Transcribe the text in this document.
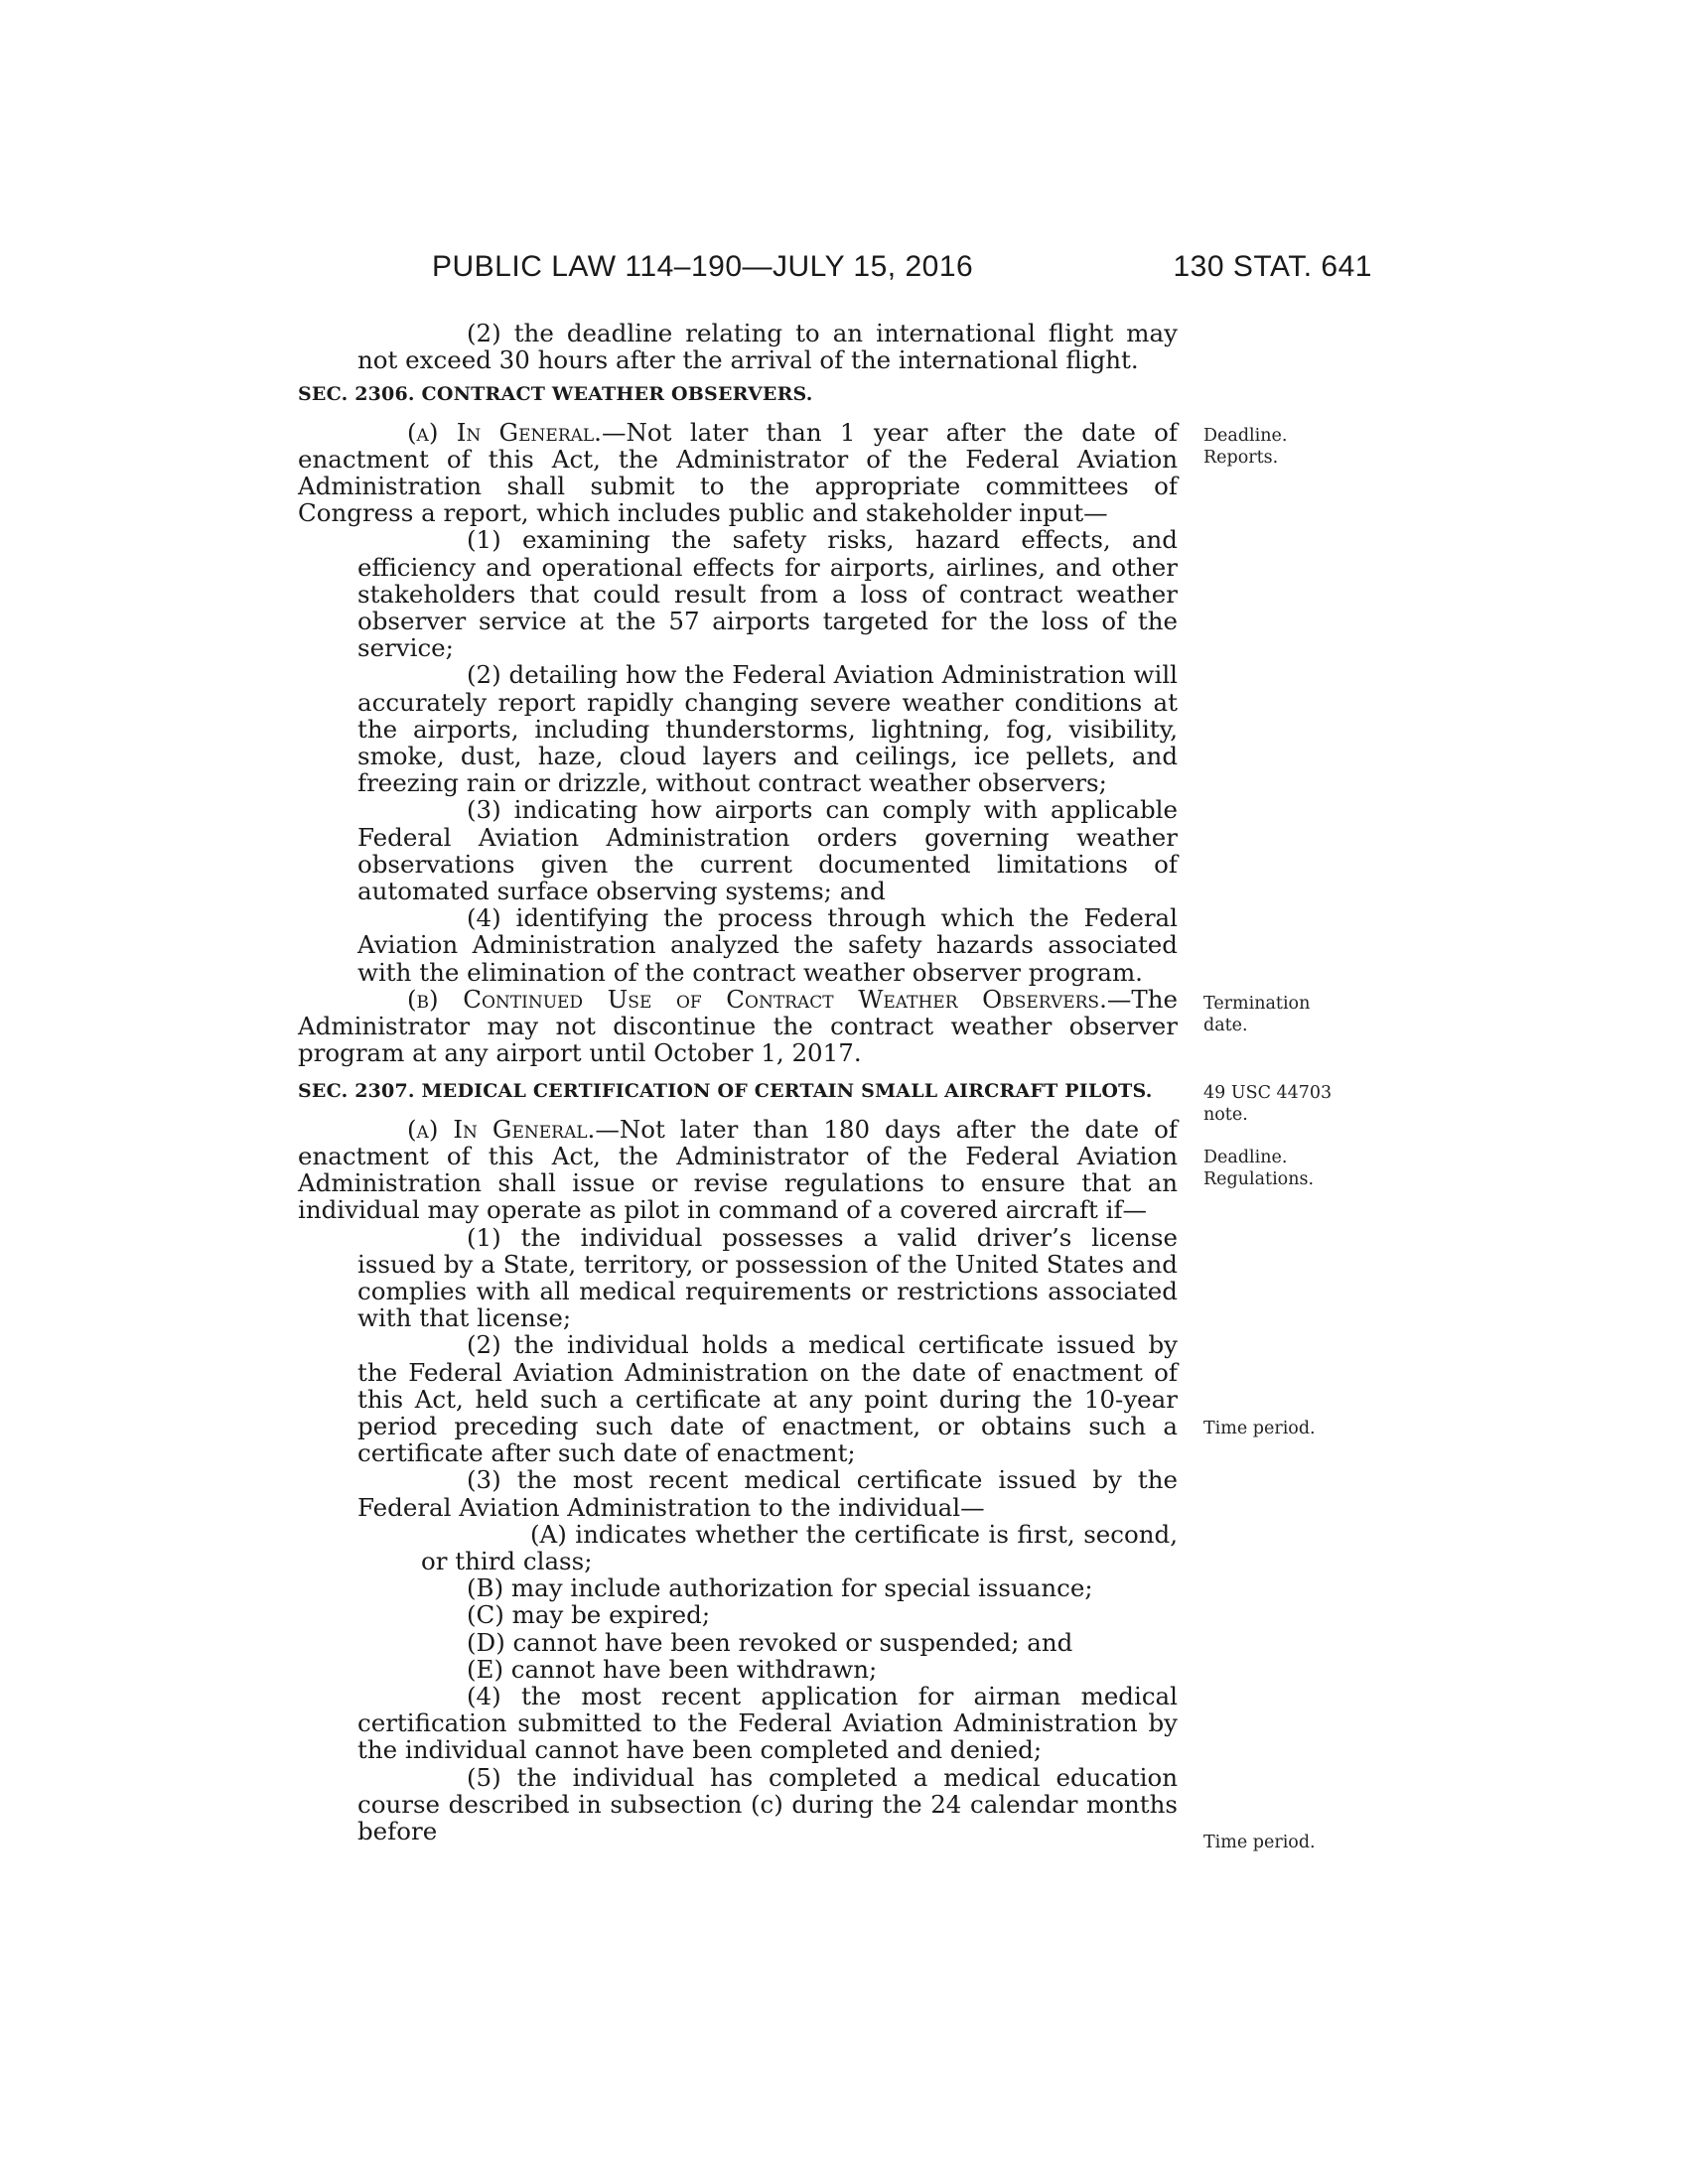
PUBLIC LAW 114–190—JULY 15, 2016	130 STAT. 641

(2) the deadline relating to an international flight may not exceed 30 hours after the arrival of the international flight.

SEC. 2306. CONTRACT WEATHER OBSERVERS.

(a) In General.—Not later than 1 year after the date of enactment of this Act, the Administrator of the Federal Aviation Administration shall submit to the appropriate committees of Congress a report, which includes public and stakeholder input—

(1) examining the safety risks, hazard effects, and efficiency and operational effects for airports, airlines, and other stakeholders that could result from a loss of contract weather observer service at the 57 airports targeted for the loss of the service;

(2) detailing how the Federal Aviation Administration will accurately report rapidly changing severe weather conditions at the airports, including thunderstorms, lightning, fog, visibility, smoke, dust, haze, cloud layers and ceilings, ice pellets, and freezing rain or drizzle, without contract weather observers;

(3) indicating how airports can comply with applicable Federal Aviation Administration orders governing weather observations given the current documented limitations of automated surface observing systems; and

(4) identifying the process through which the Federal Aviation Administration analyzed the safety hazards associated with the elimination of the contract weather observer program.

(b) Continued Use of Contract Weather Observers.—The Administrator may not discontinue the contract weather observer program at any airport until October 1, 2017.

SEC. 2307. MEDICAL CERTIFICATION OF CERTAIN SMALL AIRCRAFT PILOTS.

(a) In General.—Not later than 180 days after the date of enactment of this Act, the Administrator of the Federal Aviation Administration shall issue or revise regulations to ensure that an individual may operate as pilot in command of a covered aircraft if—

(1) the individual possesses a valid driver’s license issued by a State, territory, or possession of the United States and complies with all medical requirements or restrictions associated with that license;

(2) the individual holds a medical certificate issued by the Federal Aviation Administration on the date of enactment of this Act, held such a certificate at any point during the 10-year period preceding such date of enactment, or obtains such a certificate after such date of enactment;

(3) the most recent medical certificate issued by the Federal Aviation Administration to the individual—

(A) indicates whether the certificate is first, second, or third class;

(B) may include authorization for special issuance;

(C) may be expired;

(D) cannot have been revoked or suspended; and

(E) cannot have been withdrawn;

(4) the most recent application for airman medical certification submitted to the Federal Aviation Administration by the individual cannot have been completed and denied;

(5) the individual has completed a medical education course described in subsection (c) during the 24 calendar months before

Deadline.
Reports.
Termination
date.
49 USC 44703
note.
Deadline.
Regulations.
Time period.
Time period.
